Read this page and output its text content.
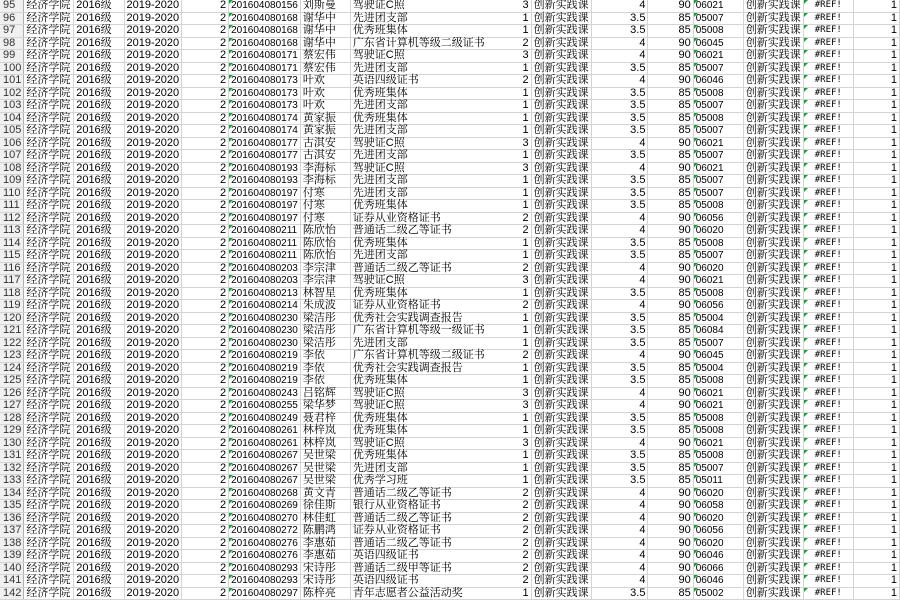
95	经济学院	2016级	2019-2020	2	201604080156	刘斯曼	驾驶证C照	3	创新实践课	4	90	06021	创新实践课	#REF!	1
96	经济学院	2016级	2019-2020	2	201604080168	谢华中	先进团支部	1	创新实践课	3.5	85	05007	创新实践课	#REF!	1
97	经济学院	2016级	2019-2020	2	201604080168	谢华中	优秀班集体	1	创新实践课	3.5	85	05008	创新实践课	#REF!	1
98	经济学院	2016级	2019-2020	2	201604080168	谢华中	广东省计算机等级二级证书	2	创新实践课	4	90	06045	创新实践课	#REF!	1
99	经济学院	2016级	2019-2020	2	201604080171	蔡宏伟	驾驶证C照	3	创新实践课	4	90	06021	创新实践课	#REF!	1
100	经济学院	2016级	2019-2020	2	201604080171	蔡宏伟	先进团支部	1	创新实践课	3.5	85	05007	创新实践课	#REF!	1
101	经济学院	2016级	2019-2020	2	201604080173	叶欢	英语四级证书	2	创新实践课	4	90	06046	创新实践课	#REF!	1
102	经济学院	2016级	2019-2020	2	201604080173	叶欢	优秀班集体	1	创新实践课	3.5	85	05008	创新实践课	#REF!	1
103	经济学院	2016级	2019-2020	2	201604080173	叶欢	先进团支部	1	创新实践课	3.5	85	05007	创新实践课	#REF!	1
104	经济学院	2016级	2019-2020	2	201604080174	黄家振	优秀班集体	1	创新实践课	3.5	85	05008	创新实践课	#REF!	1
105	经济学院	2016级	2019-2020	2	201604080174	黄家振	先进团支部	1	创新实践课	3.5	85	05007	创新实践课	#REF!	1
106	经济学院	2016级	2019-2020	2	201604080177	古淇安	驾驶证C照	3	创新实践课	4	90	06021	创新实践课	#REF!	1
107	经济学院	2016级	2019-2020	2	201604080177	古淇安	先进团支部	1	创新实践课	3.5	85	05007	创新实践课	#REF!	1
108	经济学院	2016级	2019-2020	2	201604080193	李海标	驾驶证C照	3	创新实践课	4	90	06021	创新实践课	#REF!	1
109	经济学院	2016级	2019-2020	2	201604080193	李海标	先进团支部	1	创新实践课	3.5	85	05007	创新实践课	#REF!	1
110	经济学院	2016级	2019-2020	2	201604080197	付寒	先进团支部	1	创新实践课	3.5	85	05007	创新实践课	#REF!	1
111	经济学院	2016级	2019-2020	2	201604080197	付寒	优秀班集体	1	创新实践课	3.5	85	05008	创新实践课	#REF!	1
112	经济学院	2016级	2019-2020	2	201604080197	付寒	证券从业资格证书	2	创新实践课	4	90	06056	创新实践课	#REF!	1
113	经济学院	2016级	2019-2020	2	201604080211	陈欣怡	普通话二级乙等证书	2	创新实践课	4	90	06020	创新实践课	#REF!	1
114	经济学院	2016级	2019-2020	2	201604080211	陈欣怡	优秀班集体	1	创新实践课	3.5	85	05008	创新实践课	#REF!	1
115	经济学院	2016级	2019-2020	2	201604080211	陈欣怡	先进团支部	1	创新实践课	3.5	85	05007	创新实践课	#REF!	1
116	经济学院	2016级	2019-2020	2	201604080203	李宗津	普通话二级乙等证书	2	创新实践课	4	90	06020	创新实践课	#REF!	1
117	经济学院	2016级	2019-2020	2	201604080203	李宗津	驾驶证C照	3	创新实践课	4	90	06021	创新实践课	#REF!	1
118	经济学院	2016级	2019-2020	2	201604080213	林智星	优秀班集体	1	创新实践课	3.5	85	05008	创新实践课	#REF!	1
119	经济学院	2016级	2019-2020	2	201604080214	朱成波	证券从业资格证书	2	创新实践课	4	90	06056	创新实践课	#REF!	1
120	经济学院	2016级	2019-2020	2	201604080230	梁洁彤	优秀社会实践调查报告	1	创新实践课	3.5	85	05004	创新实践课	#REF!	1
121	经济学院	2016级	2019-2020	2	201604080230	梁洁彤	广东省计算机等级一级证书	1	创新实践课	3.5	85	06084	创新实践课	#REF!	1
122	经济学院	2016级	2019-2020	2	201604080230	梁洁彤	先进团支部	1	创新实践课	3.5	85	05007	创新实践课	#REF!	1
123	经济学院	2016级	2019-2020	2	201604080219	李依	广东省计算机等级二级证书	2	创新实践课	4	90	06045	创新实践课	#REF!	1
124	经济学院	2016级	2019-2020	2	201604080219	李依	优秀社会实践调查报告	1	创新实践课	3.5	85	05004	创新实践课	#REF!	1
125	经济学院	2016级	2019-2020	2	201604080219	李依	优秀班集体	1	创新实践课	3.5	85	05008	创新实践课	#REF!	1
126	经济学院	2016级	2019-2020	2	201604080243	吕铭辉	驾驶证C照	3	创新实践课	4	90	06021	创新实践课	#REF!	1
127	经济学院	2016级	2019-2020	2	201604080255	梁华梦	驾驶证C照	3	创新实践课	4	90	06021	创新实践课	#REF!	1
128	经济学院	2016级	2019-2020	2	201604080249	聂君梓	优秀班集体	1	创新实践课	3.5	85	05008	创新实践课	#REF!	1
129	经济学院	2016级	2019-2020	2	201604080261	林梓岚	优秀班集体	1	创新实践课	3.5	85	05008	创新实践课	#REF!	1
130	经济学院	2016级	2019-2020	2	201604080261	林梓岚	驾驶证C照	3	创新实践课	4	90	06021	创新实践课	#REF!	1
131	经济学院	2016级	2019-2020	2	201604080267	吴世梁	优秀班集体	1	创新实践课	3.5	85	05008	创新实践课	#REF!	1
132	经济学院	2016级	2019-2020	2	201604080267	吴世梁	先进团支部	1	创新实践课	3.5	85	05007	创新实践课	#REF!	1
133	经济学院	2016级	2019-2020	2	201604080267	吴世梁	优秀学习班	1	创新实践课	3.5	85	05011	创新实践课	#REF!	1
134	经济学院	2016级	2019-2020	2	201604080268	黄文青	普通话二级乙等证书	2	创新实践课	4	90	06020	创新实践课	#REF!	1
135	经济学院	2016级	2019-2020	2	201604080269	徐佳斯	银行从业资格证书	2	创新实践课	4	90	06058	创新实践课	#REF!	1
136	经济学院	2016级	2019-2020	2	201604080270	林佳虹	普通话二级乙等证书	2	创新实践课	4	90	06020	创新实践课	#REF!	1
137	经济学院	2016级	2019-2020	2	201604080272	陈鹏鸿	证券从业资格证书	2	创新实践课	4	90	06056	创新实践课	#REF!	1
138	经济学院	2016级	2019-2020	2	201604080276	李惠茹	普通话二级乙等证书	2	创新实践课	4	90	06020	创新实践课	#REF!	1
139	经济学院	2016级	2019-2020	2	201604080276	李惠茹	英语四级证书	2	创新实践课	4	90	06046	创新实践课	#REF!	1
140	经济学院	2016级	2019-2020	2	201604080293	宋诗彤	普通话二级甲等证书	2	创新实践课	4	90	06066	创新实践课	#REF!	1
141	经济学院	2016级	2019-2020	2	201604080293	宋诗彤	英语四级证书	2	创新实践课	4	90	06046	创新实践课	#REF!	1
142	经济学院	2016级	2019-2020	2	201604080297	陈梓亮	青年志愿者公益活动奖	1	创新实践课	3.5	85	05002	创新实践课	#REF!	1
